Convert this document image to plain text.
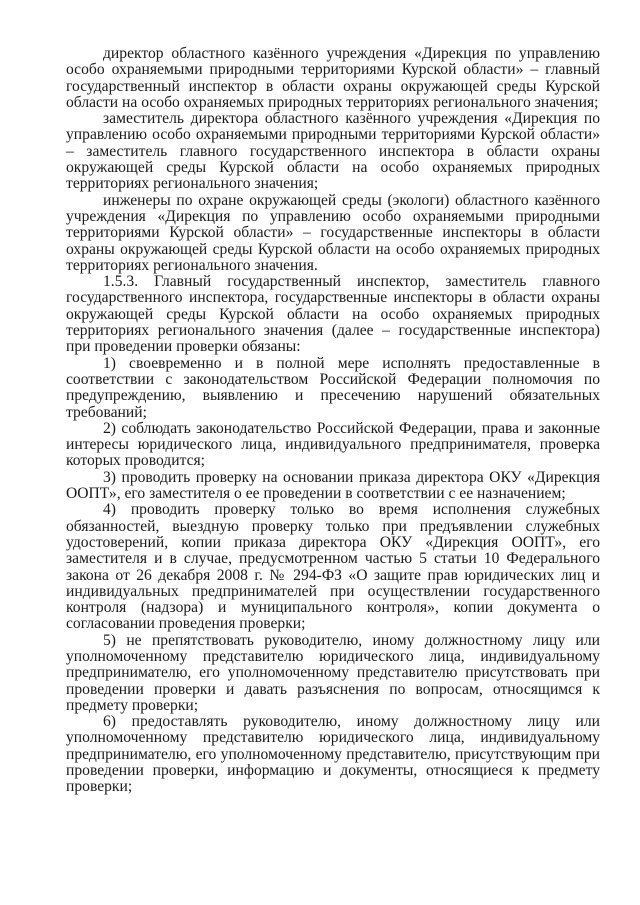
директор областного казённого учреждения «Дирекция по управлению особо охраняемыми природными территориями Курской области» – главный государственный инспектор в области охраны окружающей среды Курской области на особо охраняемых природных территориях регионального значения;

заместитель директора областного казённого учреждения «Дирекция по управлению особо охраняемыми природными территориями Курской области» – заместитель главного государственного инспектора в области охраны окружающей среды Курской области на особо охраняемых природных территориях регионального значения;

инженеры по охране окружающей среды (экологи) областного казённого учреждения «Дирекция по управлению особо охраняемыми природными территориями Курской области» – государственные инспекторы в области охраны окружающей среды Курской области на особо охраняемых природных территориях регионального значения.

1.5.3. Главный государственный инспектор, заместитель главного государственного инспектора, государственные инспекторы в области охраны окружающей среды Курской области на особо охраняемых природных территориях регионального значения (далее – государственные инспектора) при проведении проверки обязаны:

1) своевременно и в полной мере исполнять предоставленные в соответствии с законодательством Российской Федерации полномочия по предупреждению, выявлению и пресечению нарушений обязательных требований;

2) соблюдать законодательство Российской Федерации, права и законные интересы юридического лица, индивидуального предпринимателя, проверка которых проводится;

3) проводить проверку на основании приказа директора ОКУ «Дирекция ООПТ», его заместителя о ее проведении в соответствии с ее назначением;

4) проводить проверку только во время исполнения служебных обязанностей, выездную проверку только при предъявлении служебных удостоверений, копии приказа директора ОКУ «Дирекция ООПТ», его заместителя и в случае, предусмотренном частью 5 статьи 10 Федерального закона от 26 декабря 2008 г. № 294-ФЗ «О защите прав юридических лиц и индивидуальных предпринимателей при осуществлении государственного контроля (надзора) и муниципального контроля», копии документа о согласовании проведения проверки;

5) не препятствовать руководителю, иному должностному лицу или уполномоченному представителю юридического лица, индивидуальному предпринимателю, его уполномоченному представителю присутствовать при проведении проверки и давать разъяснения по вопросам, относящимся к предмету проверки;

6) предоставлять руководителю, иному должностному лицу или уполномоченному представителю юридического лица, индивидуальному предпринимателю, его уполномоченному представителю, присутствующим при проведении проверки, информацию и документы, относящиеся к предмету проверки;
